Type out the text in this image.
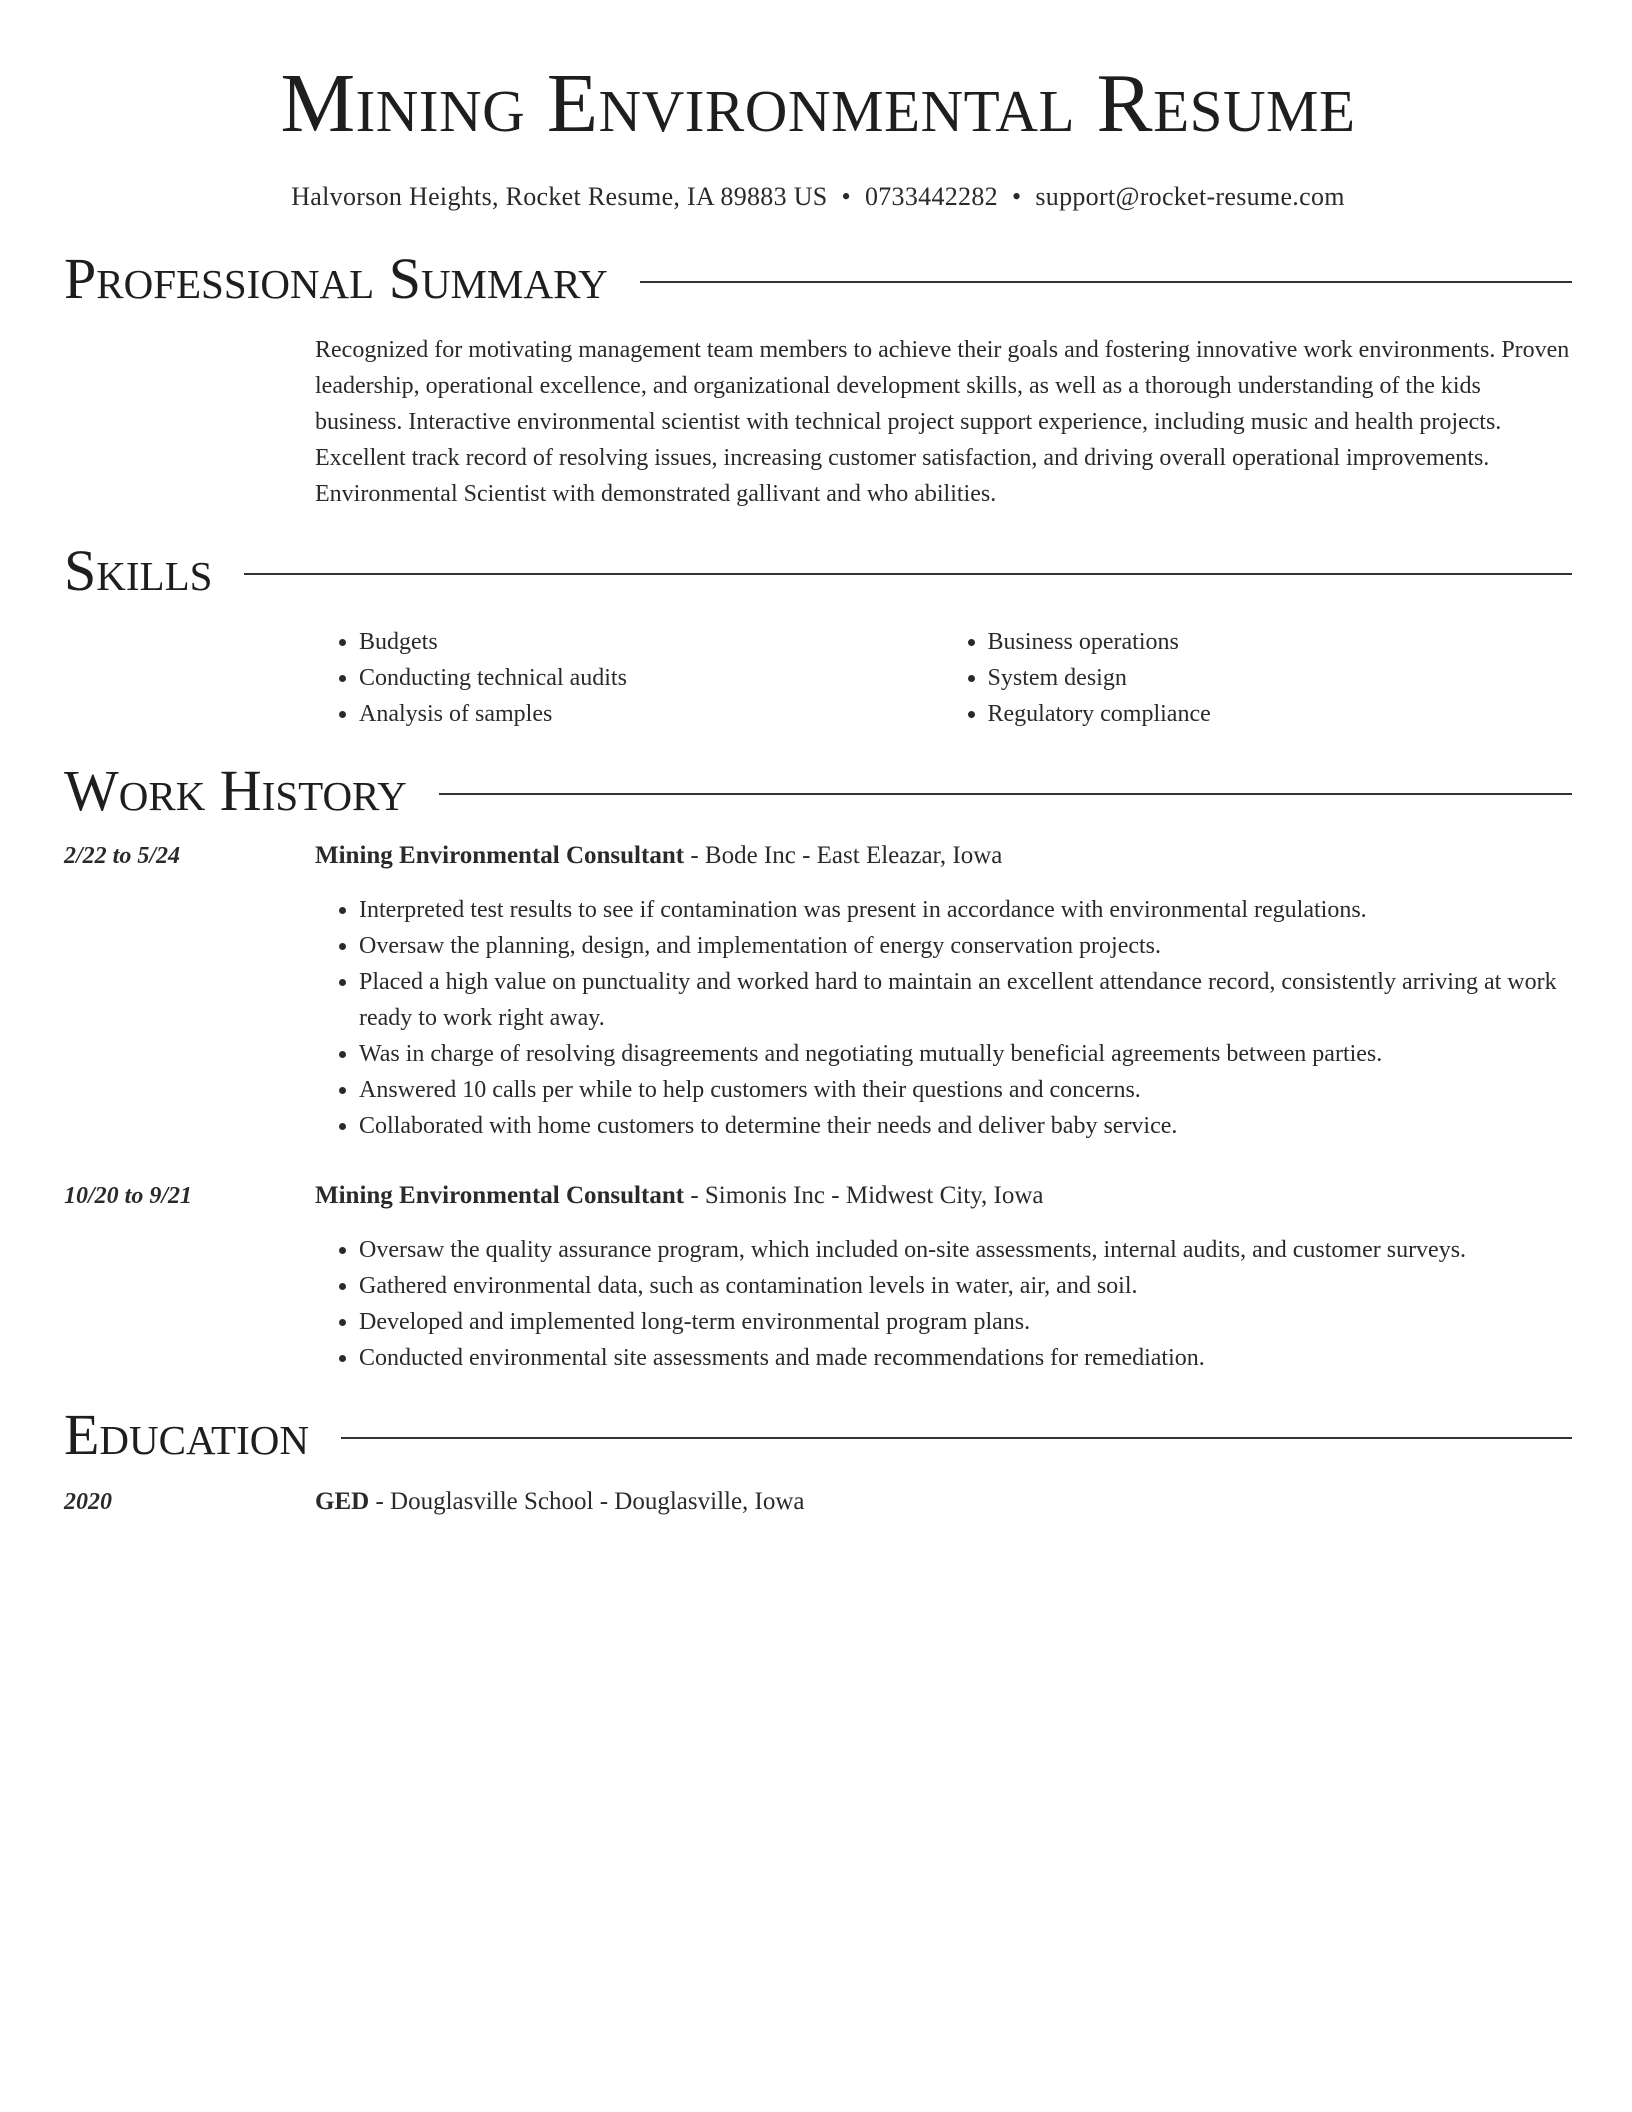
Mining Environmental Resume
Halvorson Heights, Rocket Resume, IA 89883 US • 0733442282 • support@rocket-resume.com
Professional Summary
Recognized for motivating management team members to achieve their goals and fostering innovative work environments. Proven leadership, operational excellence, and organizational development skills, as well as a thorough understanding of the kids business. Interactive environmental scientist with technical project support experience, including music and health projects. Excellent track record of resolving issues, increasing customer satisfaction, and driving overall operational improvements. Environmental Scientist with demonstrated gallivant and who abilities.
Skills
• Budgets
• Conducting technical audits
• Analysis of samples
• Business operations
• System design
• Regulatory compliance
Work History
2/22 to 5/24	Mining Environmental Consultant - Bode Inc - East Eleazar, Iowa
• Interpreted test results to see if contamination was present in accordance with environmental regulations.
• Oversaw the planning, design, and implementation of energy conservation projects.
• Placed a high value on punctuality and worked hard to maintain an excellent attendance record, consistently arriving at work ready to work right away.
• Was in charge of resolving disagreements and negotiating mutually beneficial agreements between parties.
• Answered 10 calls per while to help customers with their questions and concerns.
• Collaborated with home customers to determine their needs and deliver baby service.
10/20 to 9/21	Mining Environmental Consultant - Simonis Inc - Midwest City, Iowa
• Oversaw the quality assurance program, which included on-site assessments, internal audits, and customer surveys.
• Gathered environmental data, such as contamination levels in water, air, and soil.
• Developed and implemented long-term environmental program plans.
• Conducted environmental site assessments and made recommendations for remediation.
Education
2020	GED - Douglasville School - Douglasville, Iowa
